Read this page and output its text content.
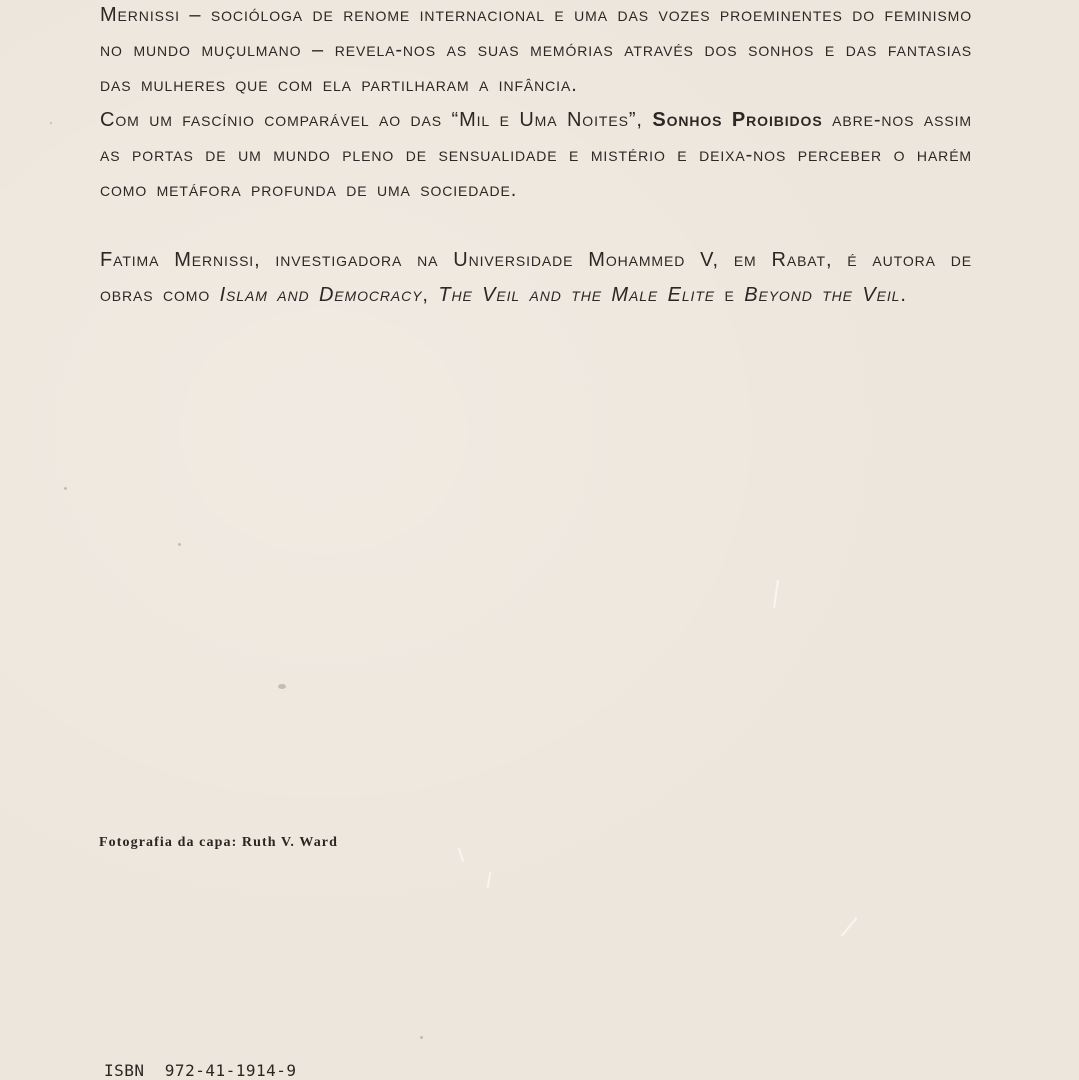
Mernissi – socióloga de renome internacional e uma das vozes proeminentes do feminismo no mundo muçulmano – revela-nos as suas memórias através dos sonhos e das fantasias das mulheres que com ela partilharam a infância.

Com um fascínio comparável ao das “Mil e Uma Noites”, Sonhos Proibidos abre-nos assim as portas de um mundo pleno de sensualidade e mistério e deixa-nos perceber o harém como metáfora profunda de uma sociedade.

Fatima Mernissi, investigadora na Universidade Mohammed V, em Rabat, é autora de obras como Islam and Democracy, The Veil and the Male Elite e Beyond the Veil.

Fotografia da capa: Ruth V. Ward
ISBN  972-41-1914-9
